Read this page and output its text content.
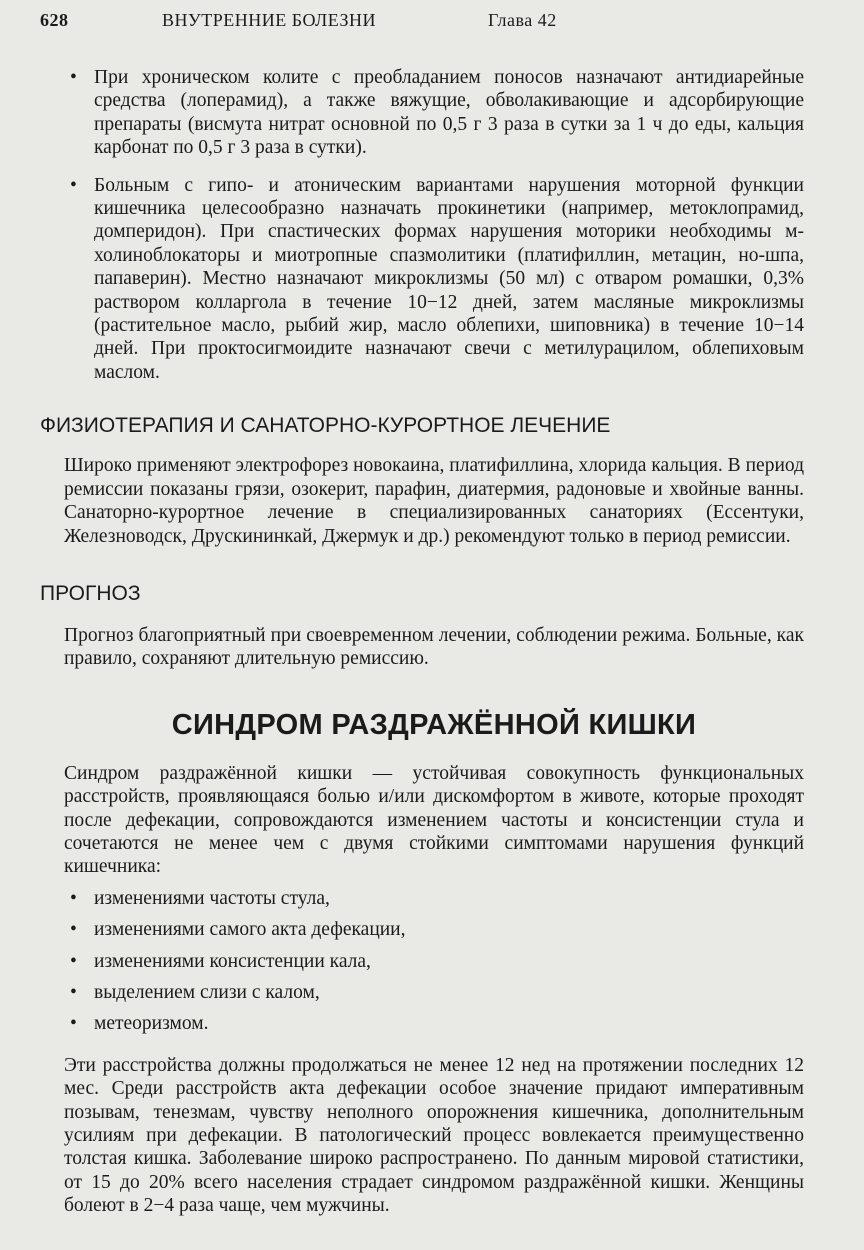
628	ВНУТРЕННИЕ БОЛЕЗНИ	Глава 42
• При хроническом колите с преобладанием поносов назначают антидиарейные средства (лоперамид), а также вяжущие, обволакивающие и адсорбирующие препараты (висмута нитрат основной по 0,5 г 3 раза в сутки за 1 ч до еды, кальция карбонат по 0,5 г 3 раза в сутки).
• Больным с гипо- и атоническим вариантами нарушения моторной функции кишечника целесообразно назначать прокинетики (например, метоклопрамид, домперидон). При спастических формах нарушения моторики необходимы м-холиноблокаторы и миотропные спазмолитики (платифиллин, метацин, но-шпа, папаверин). Местно назначают микроклизмы (50 мл) с отваром ромашки, 0,3% раствором колларгола в течение 10−12 дней, затем масляные микроклизмы (растительное масло, рыбий жир, масло облепихи, шиповника) в течение 10−14 дней. При проктосигмоидите назначают свечи с метилурацилом, облепиховым маслом.
ФИЗИОТЕРАПИЯ И САНАТОРНО-КУРОРТНОЕ ЛЕЧЕНИЕ

Широко применяют электрофорез новокаина, платифиллина, хлорида кальция. В период ремиссии показаны грязи, озокерит, парафин, диатермия, радоновые и хвойные ванны. Санаторно-курортное лечение в специализированных санаториях (Ессентуки, Железноводск, Друскининкай, Джермук и др.) рекомендуют только в период ремиссии.

ПРОГНОЗ

Прогноз благоприятный при своевременном лечении, соблюдении режима. Больные, как правило, сохраняют длительную ремиссию.

СИНДРОМ РАЗДРАЖЁННОЙ КИШКИ

Синдром раздражённой кишки — устойчивая совокупность функциональных расстройств, проявляющаяся болью и/или дискомфортом в животе, которые проходят после дефекации, сопровождаются изменением частоты и консистенции стула и сочетаются не менее чем с двумя стойкими симптомами нарушения функций кишечника:

• изменениями частоты стула,
• изменениями самого акта дефекации,
• изменениями консистенции кала,
• выделением слизи с калом,
• метеоризмом.

Эти расстройства должны продолжаться не менее 12 нед на протяжении последних 12 мес. Среди расстройств акта дефекации особое значение придают императивным позывам, тенезмам, чувству неполного опорожнения кишечника, дополнительным усилиям при дефекации. В патологический процесс вовлекается преимущественно толстая кишка. Заболевание широко распространено. По данным мировой статистики, от 15 до 20% всего населения страдает синдромом раздражённой кишки. Женщины болеют в 2−4 раза чаще, чем мужчины.
